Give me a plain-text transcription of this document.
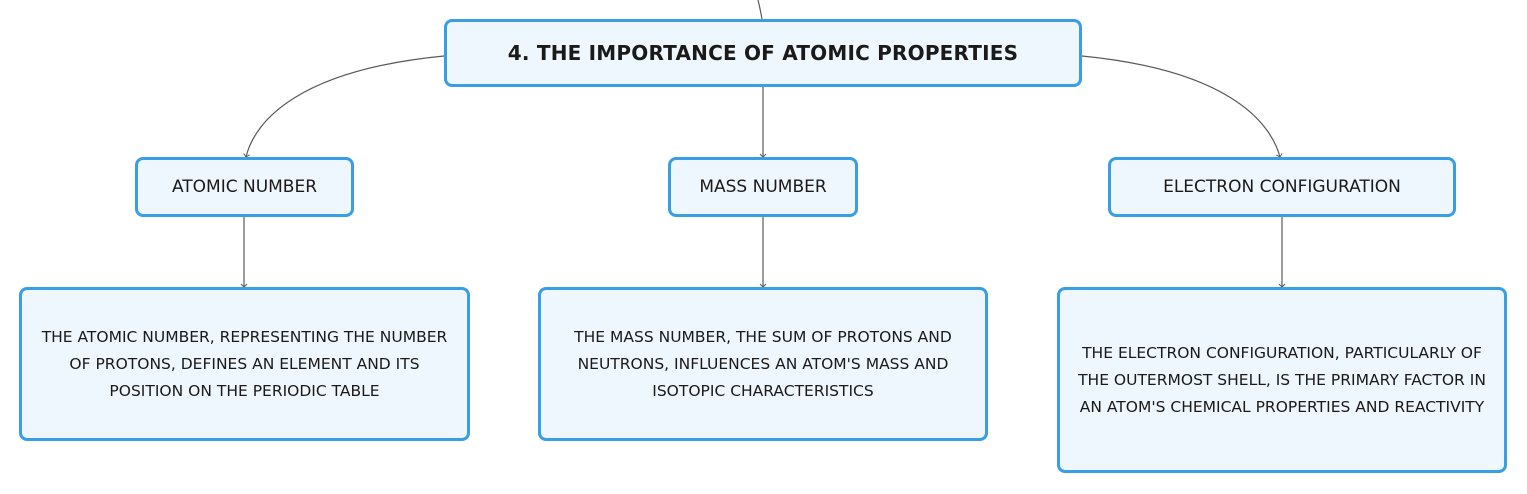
4. THE IMPORTANCE OF ATOMIC PROPERTIES
ATOMIC NUMBER	MASS NUMBER	ELECTRON CONFIGURATION
THE ATOMIC NUMBER, REPRESENTING THE NUMBER
OF PROTONS, DEFINES AN ELEMENT AND ITS
POSITION ON THE PERIODIC TABLE
THE MASS NUMBER, THE SUM OF PROTONS AND
NEUTRONS, INFLUENCES AN ATOM'S MASS AND
ISOTOPIC CHARACTERISTICS
THE ELECTRON CONFIGURATION, PARTICULARLY OF
THE OUTERMOST SHELL, IS THE PRIMARY FACTOR IN
AN ATOM'S CHEMICAL PROPERTIES AND REACTIVITY
